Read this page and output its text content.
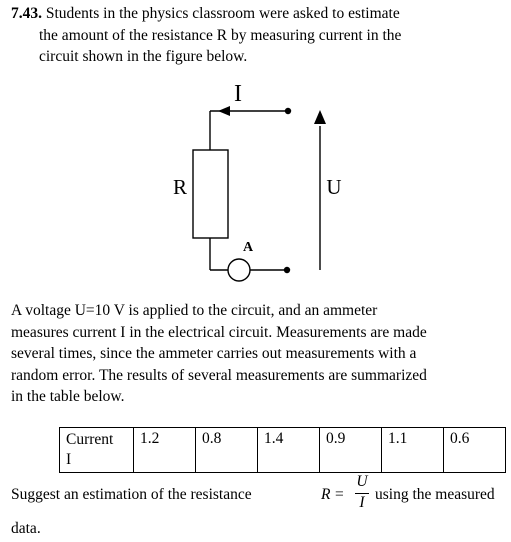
7.43. Students in the physics classroom were asked to estimate
the amount of the resistance R by measuring current in the
circuit shown in the figure below.
I
R	U
A
A voltage U=10 V is applied to the circuit, and an ammeter
measures current I in the electrical circuit. Measurements are made
several times, since the ammeter carries out measurements with a
random error. The results of several measurements are summarized
in the table below.
Current
I	1.2	0.8	1.4	0.9	1.1	0.6
Suggest an estimation of the resistance	R =
U
I using the measured
data.
